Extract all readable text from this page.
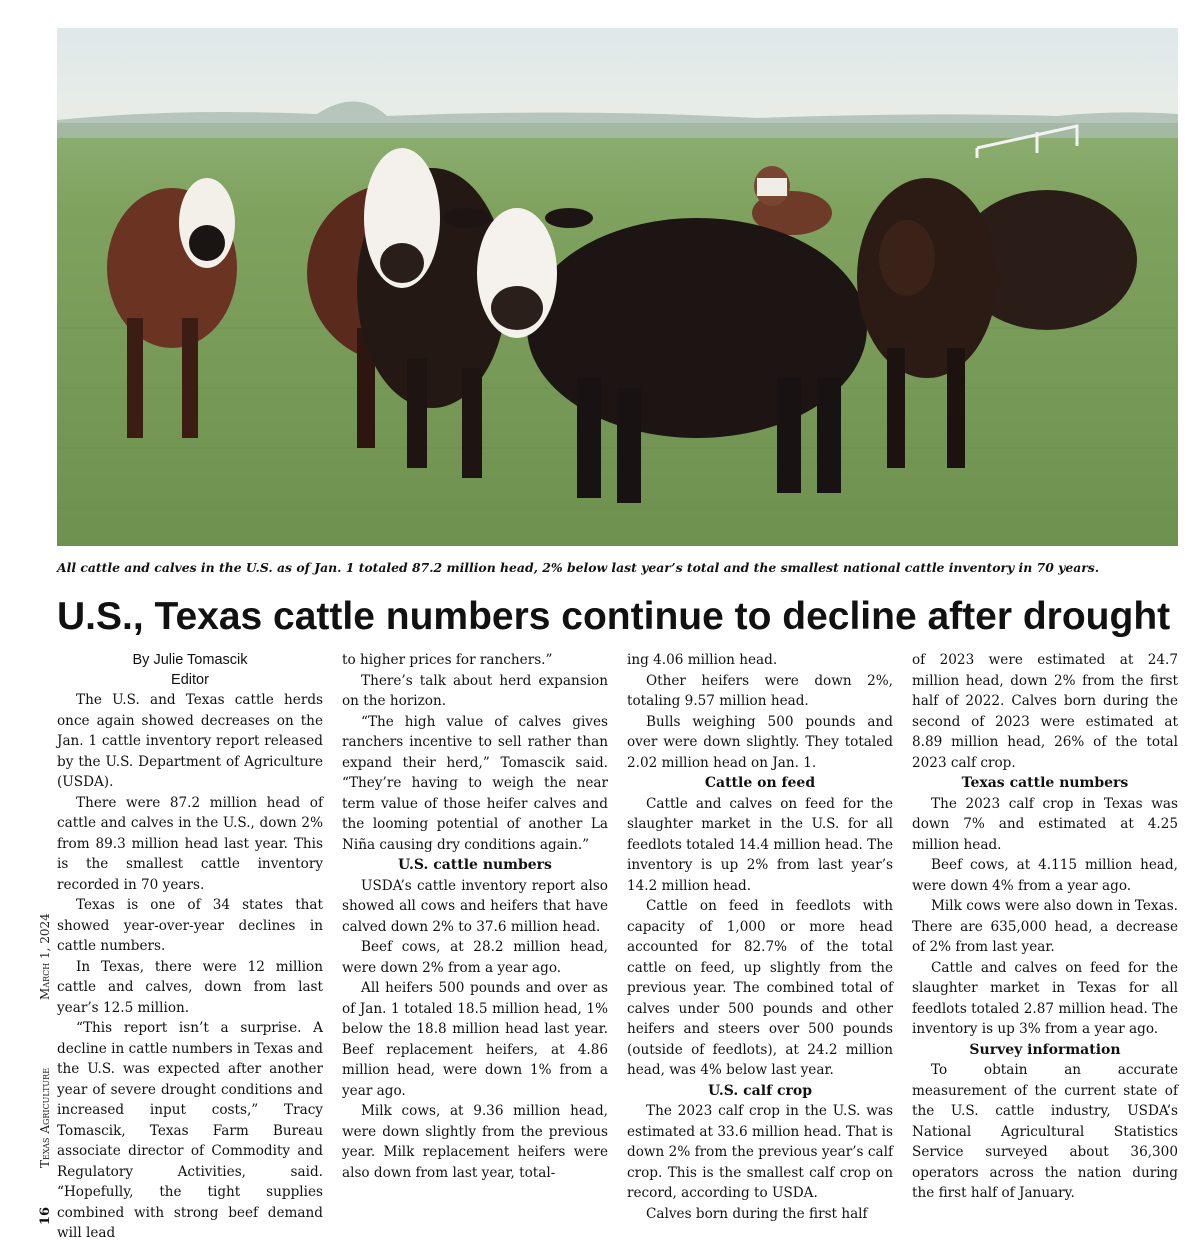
All cattle and calves in the U.S. as of Jan. 1 totaled 87.2 million head, 2% below last year’s total and the smallest national cattle inventory in 70 years.
U.S., Texas cattle numbers continue to decline after drought
March 1, 2024
Texas Agriculture
16
By Julie Tomascik
Editor

The U.S. and Texas cattle herds once again showed decreases on the Jan. 1 cattle inventory report released by the U.S. Department of Agriculture (USDA).

There were 87.2 million head of cattle and calves in the U.S., down 2% from 89.3 million head last year. This is the smallest cattle inventory recorded in 70 years.

Texas is one of 34 states that showed year-over-year declines in cattle numbers.

In Texas, there were 12 million cattle and calves, down from last year’s 12.5 million.

“This report isn’t a surprise. A decline in cattle numbers in Texas and the U.S. was expected after another year of severe drought conditions and increased input costs,” Tracy Tomascik, Texas Farm Bureau associate director of Commodity and Regulatory Activities, said. “Hopefully, the tight supplies combined with strong beef demand will lead

to higher prices for ranchers.”

There’s talk about herd expansion on the horizon.

“The high value of calves gives ranchers incentive to sell rather than expand their herd,” Tomascik said. “They’re having to weigh the near term value of those heifer calves and the looming potential of another La Niña causing dry conditions again.”

U.S. cattle numbers

USDA’s cattle inventory report also showed all cows and heifers that have calved down 2% to 37.6 million head.

Beef cows, at 28.2 million head, were down 2% from a year ago.

All heifers 500 pounds and over as of Jan. 1 totaled 18.5 million head, 1% below the 18.8 million head last year. Beef replacement heifers, at 4.86 million head, were down 1% from a year ago.

Milk cows, at 9.36 million head, were down slightly from the previous year. Milk replacement heifers were also down from last year, total-

ing 4.06 million head.

Other heifers were down 2%, totaling 9.57 million head.

Bulls weighing 500 pounds and over were down slightly. They totaled 2.02 million head on Jan. 1.

Cattle on feed

Cattle and calves on feed for the slaughter market in the U.S. for all feedlots totaled 14.4 million head. The inventory is up 2% from last year’s 14.2 million head.

Cattle on feed in feedlots with capacity of 1,000 or more head accounted for 82.7% of the total cattle on feed, up slightly from the previous year. The combined total of calves under 500 pounds and other heifers and steers over 500 pounds (outside of feedlots), at 24.2 million head, was 4% below last year.

U.S. calf crop

The 2023 calf crop in the U.S. was estimated at 33.6 million head. That is down 2% from the previous year’s calf crop. This is the smallest calf crop on record, according to USDA.

Calves born during the first half

of 2023 were estimated at 24.7 million head, down 2% from the first half of 2022. Calves born during the second of 2023 were estimated at 8.89 million head, 26% of the total 2023 calf crop.

Texas cattle numbers

The 2023 calf crop in Texas was down 7% and estimated at 4.25 million head.

Beef cows, at 4.115 million head, were down 4% from a year ago.

Milk cows were also down in Texas. There are 635,000 head, a decrease of 2% from last year.

Cattle and calves on feed for the slaughter market in Texas for all feedlots totaled 2.87 million head. The inventory is up 3% from a year ago.

Survey information

To obtain an accurate measurement of the current state of the U.S. cattle industry, USDA’s National Agricultural Statistics Service surveyed about 36,300 operators across the nation during the first half of January.
